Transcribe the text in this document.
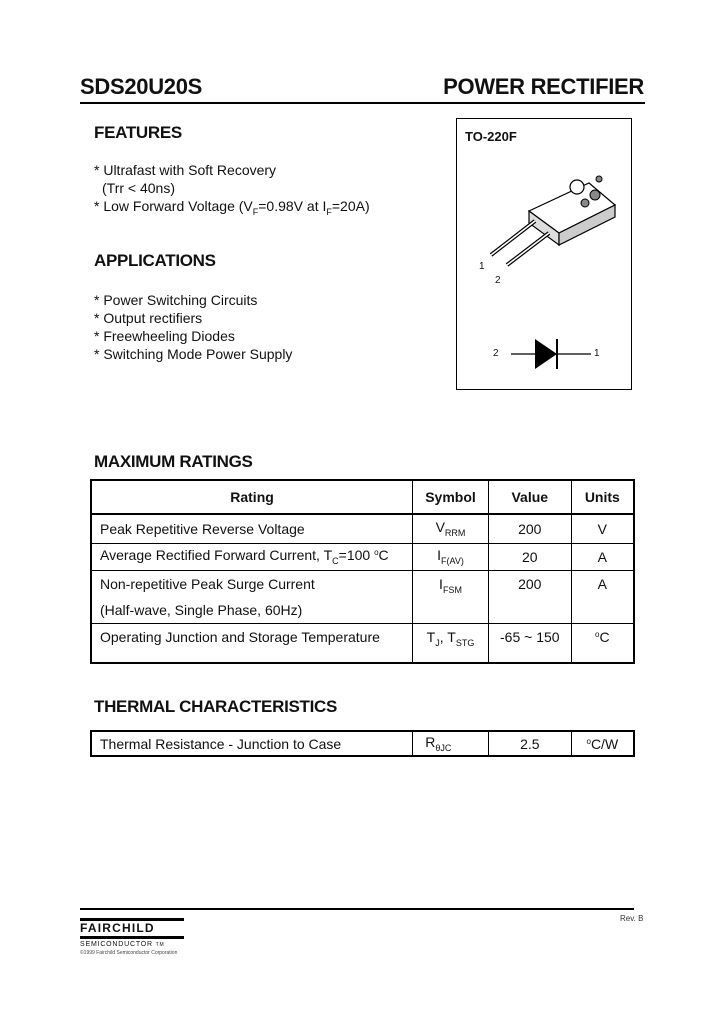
SDS20U20S	POWER RECTIFIER
FEATURES
* Ultrafast with Soft Recovery
(Trr < 40ns)
* Low Forward Voltage ($V_F=0.98V$ at $I_F=20A$)
APPLICATIONS
* Power Switching Circuits
* Output rectifiers
* Freewheeling Diodes
* Switching Mode Power Supply
TO-220F
1
2
2	1
MAXIMUM RATINGS
Rating	Symbol	Value	Units
Peak Repetitive Reverse Voltage	$V_{RRM}$	200	V
Average Rectified Forward Current, $T_C=100$ $^o$C	$I_{F(AV)}$	20	A

Non-repetitive Peak Surge Current
(Half-wave, Single Phase, 60Hz)	$I_{FSM}$	200	A
Operating Junction and Storage Temperature	$T_J$, $T_{STG}$	-65 ~ 150	$^o$C
THERMAL CHARACTERISTICS
Thermal Resistance - Junction to Case	$R_{\theta JC}$	2.5	$^o$C/W
FAIRCHILD
SEMICONDUCTOR TM
©1999 Fairchild Semiconductor Corporation
Rev. B
